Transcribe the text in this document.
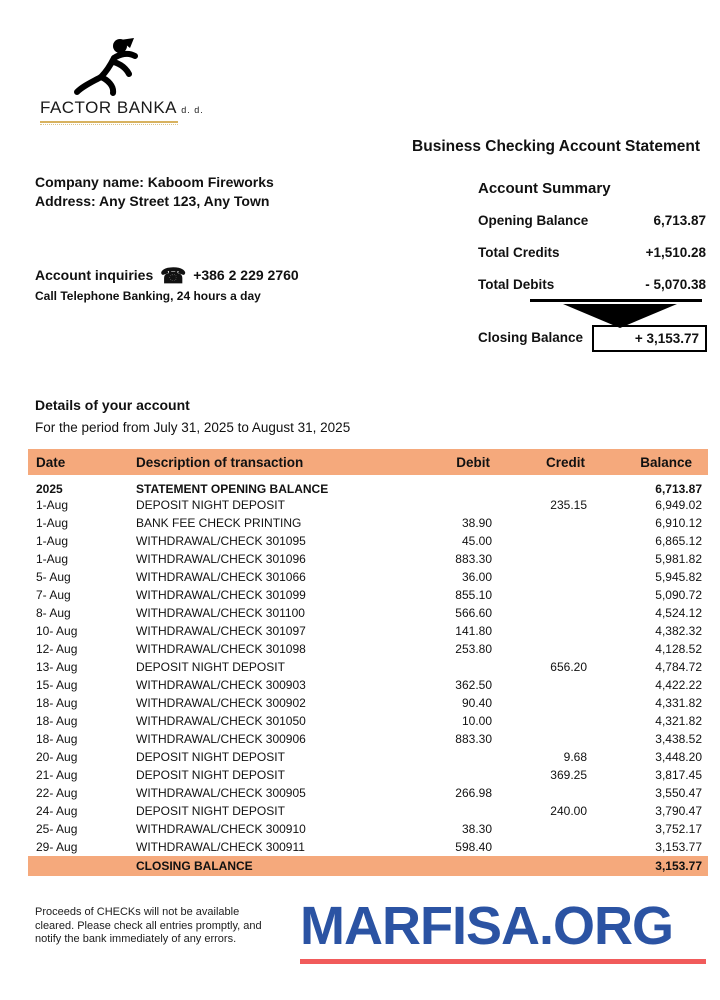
FACTOR BANKA d. d.
Business Checking Account Statement
Company name: Kaboom Fireworks
Address: Any Street 123, Any Town
Account inquiries ☎ +386 2 229 2760
Call Telephone Banking, 24 hours a day
Account Summary
Opening Balance	6,713.87
Total Credits	+1,510.28
Total Debits	- 5,070.38
Closing Balance	+ 3,153.77
Details of your account
For the period from July 31, 2025 to August 31, 2025
Date	Description of transaction	Debit	Credit	Balance
2025	STATEMENT OPENING BALANCE			6,713.87
1-Aug	DEPOSIT NIGHT DEPOSIT		235.15	6,949.02
1-Aug	BANK FEE CHECK PRINTING	38.90		6,910.12
1-Aug	WITHDRAWAL/CHECK 301095	45.00		6,865.12
1-Aug	WITHDRAWAL/CHECK 301096	883.30		5,981.82
5- Aug	WITHDRAWAL/CHECK 301066	36.00		5,945.82
7- Aug	WITHDRAWAL/CHECK 301099	855.10		5,090.72
8- Aug	WITHDRAWAL/CHECK 301100	566.60		4,524.12
10- Aug	WITHDRAWAL/CHECK 301097	141.80		4,382.32
12- Aug	WITHDRAWAL/CHECK 301098	253.80		4,128.52
13- Aug	DEPOSIT NIGHT DEPOSIT		656.20	4,784.72
15- Aug	WITHDRAWAL/CHECK 300903	362.50		4,422.22
18- Aug	WITHDRAWAL/CHECK 300902	90.40		4,331.82
18- Aug	WITHDRAWAL/CHECK 301050	10.00		4,321.82
18- Aug	WITHDRAWAL/CHECK 300906	883.30		3,438.52
20- Aug	DEPOSIT NIGHT DEPOSIT		9.68	3,448.20
21- Aug	DEPOSIT NIGHT DEPOSIT		369.25	3,817.45
22- Aug	WITHDRAWAL/CHECK 300905	266.98		3,550.47
24- Aug	DEPOSIT NIGHT DEPOSIT		240.00	3,790.47
25- Aug	WITHDRAWAL/CHECK 300910	38.30		3,752.17
29- Aug	WITHDRAWAL/CHECK 300911	598.40		3,153.77
	CLOSING BALANCE			3,153.77
Proceeds of CHECKs will not be available
cleared. Please check all entries promptly, and
notify the bank immediately of any errors.	MARFISA.ORG
